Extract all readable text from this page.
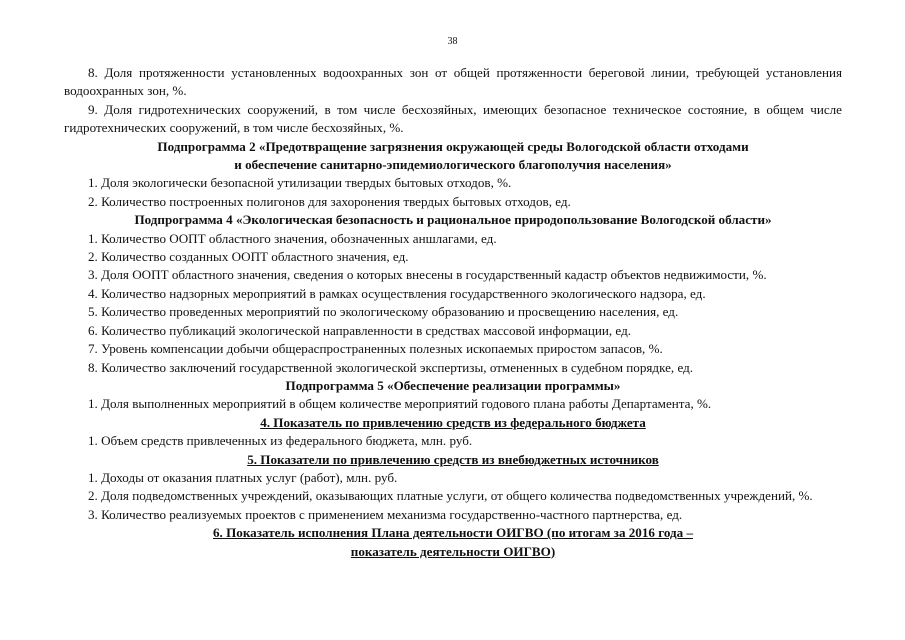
38

8. Доля протяженности установленных водоохранных зон от общей протяженности береговой линии, требующей установления водоохранных зон, %.

9. Доля гидротехнических сооружений, в том числе бесхозяйных, имеющих безопасное техническое состояние, в общем числе гидротехнических сооружений, в том числе бесхозяйных, %.

Подпрограмма 2 «Предотвращение загрязнения окружающей среды Вологодской области отходами
и обеспечение санитарно-эпидемиологического благополучия населения»

1. Доля экологически безопасной утилизации твердых бытовых отходов, %.

2. Количество построенных полигонов для захоронения твердых бытовых отходов, ед.

Подпрограмма 4 «Экологическая безопасность и рациональное природопользование Вологодской области»

1. Количество ООПТ областного значения, обозначенных аншлагами, ед.

2. Количество созданных ООПТ областного значения, ед.

3. Доля ООПТ областного значения, сведения о которых внесены в государственный кадастр объектов недвижимости, %.

4. Количество надзорных мероприятий в рамках осуществления государственного экологического надзора, ед.

5. Количество проведенных мероприятий по экологическому образованию и просвещению населения, ед.

6. Количество публикаций экологической направленности в средствах массовой информации, ед.

7. Уровень компенсации добычи общераспространенных полезных ископаемых приростом запасов, %.

8. Количество заключений государственной экологической экспертизы, отмененных в судебном порядке, ед.

Подпрограмма 5 «Обеспечение реализации программы»

1. Доля выполненных мероприятий в общем количестве мероприятий годового плана работы Департамента, %.

4. Показатель по привлечению средств из федерального бюджета

1. Объем средств привлеченных из федерального бюджета, млн. руб.

5. Показатели по привлечению средств из внебюджетных источников

1. Доходы от оказания платных услуг (работ), млн. руб.

2. Доля подведомственных учреждений, оказывающих платные услуги, от общего количества подведомственных учреждений, %.

3. Количество реализуемых проектов с применением механизма государственно-частного партнерства, ед.

6. Показатель исполнения Плана деятельности ОИГВО (по итогам за 2016 года –
показатель деятельности ОИГВО)
